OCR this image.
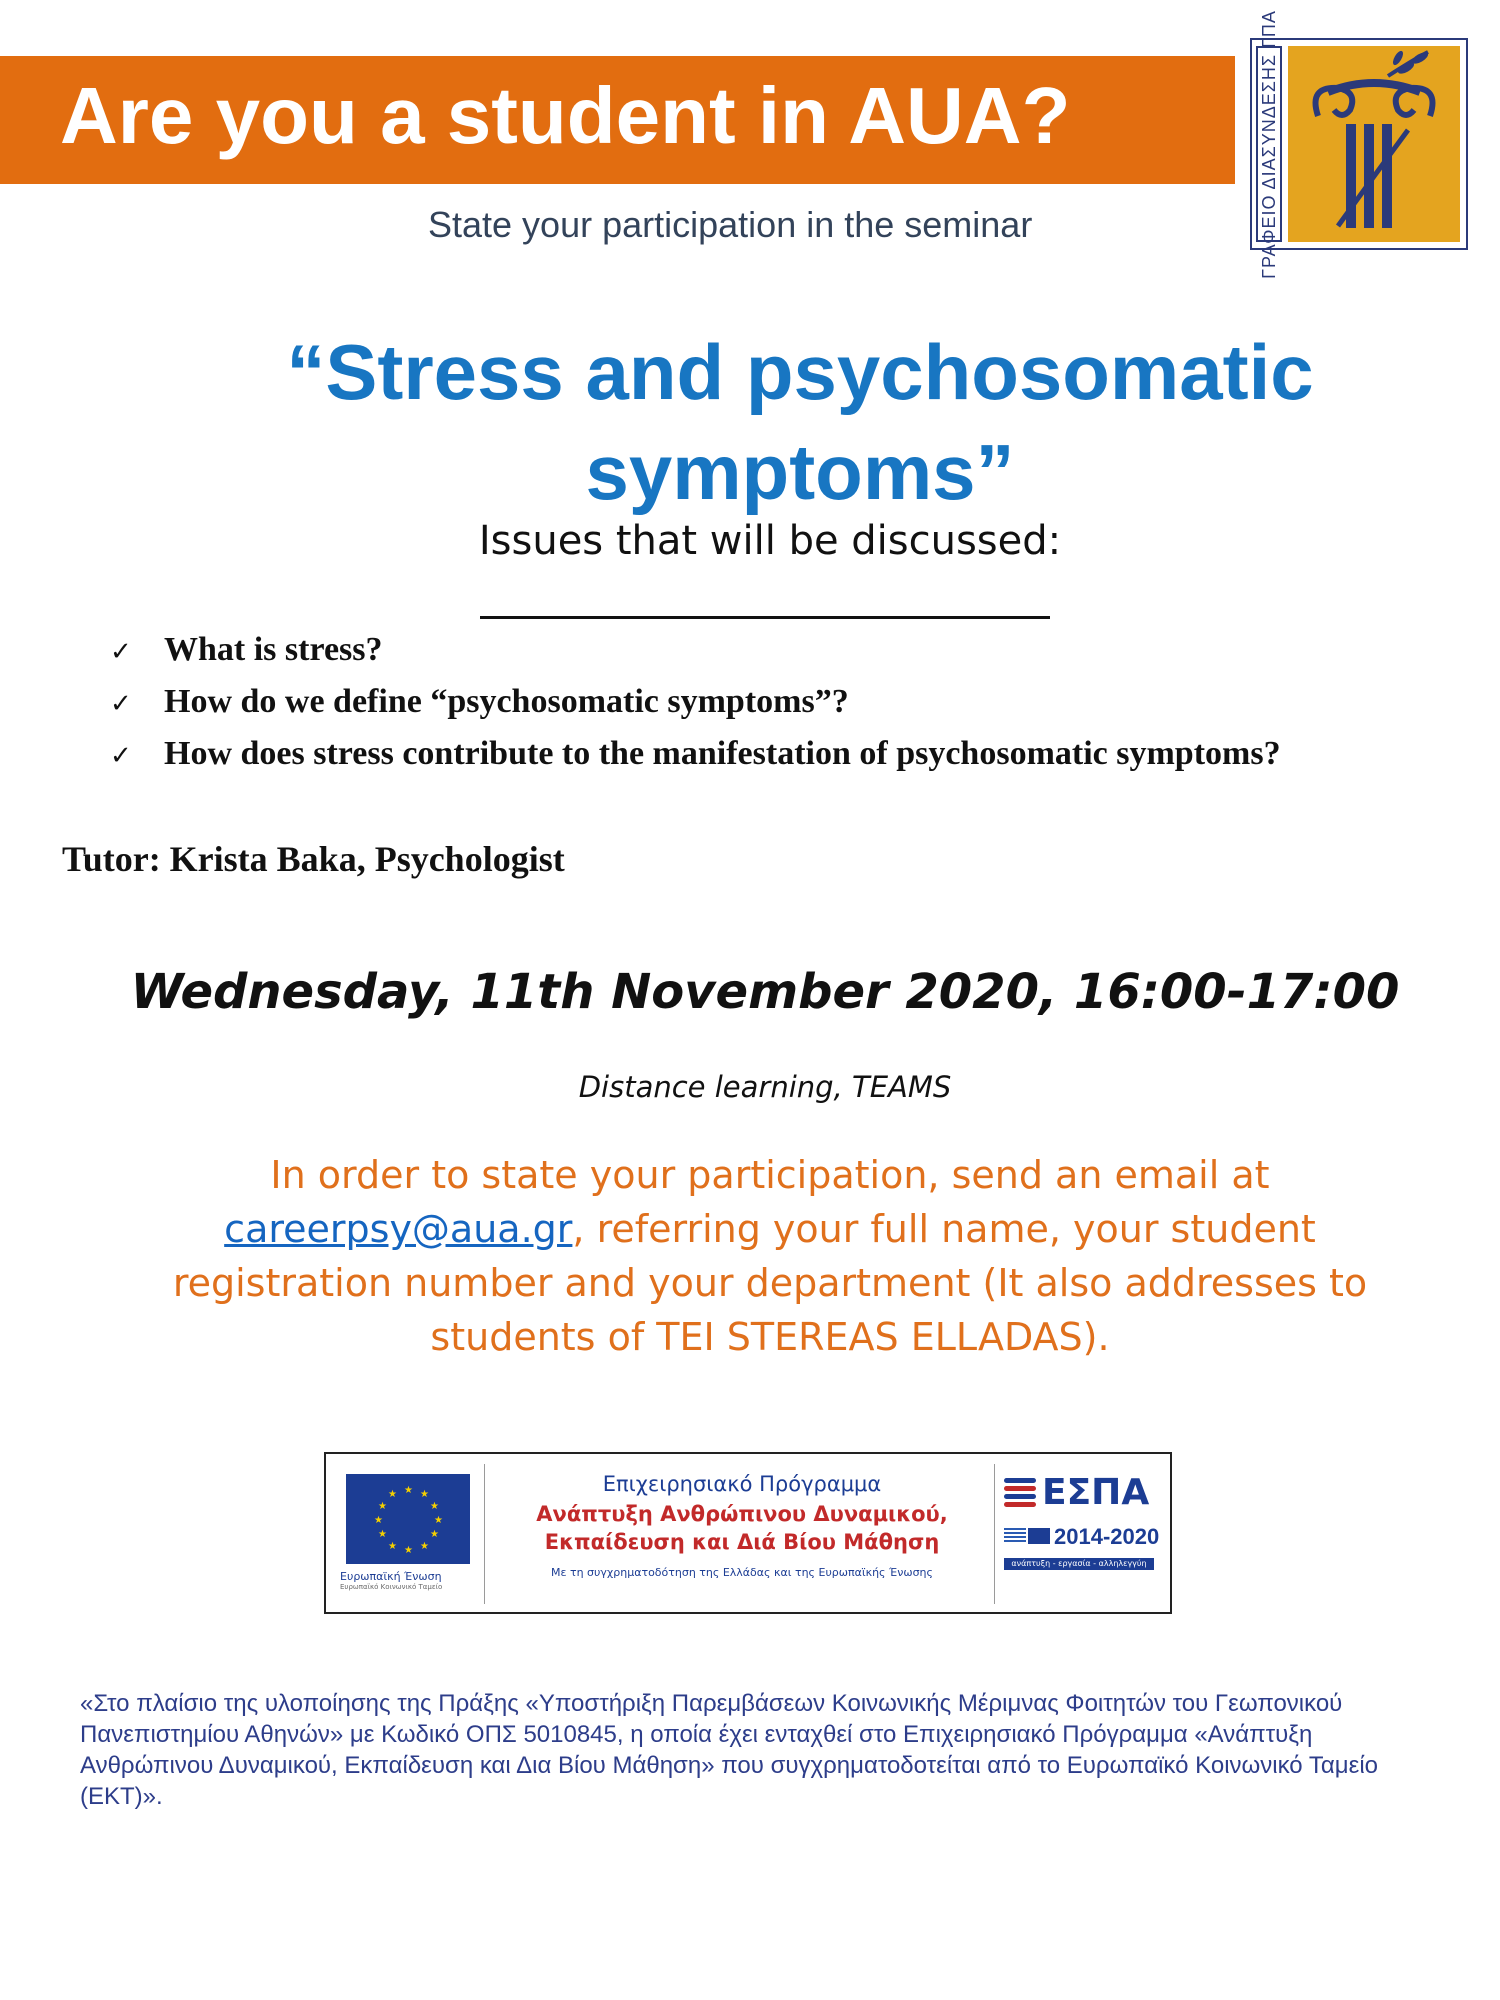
Are you a student in AUA?	ΓΡΑΦΕΙΟ ΔΙΑΣΥΝΔΕΣΗΣ ΓΠΑ

State your participation in the seminar

“Stress and psychosomatic
symptoms”

Issues that will be discussed:

✓ What is stress?
✓ How do we define “psychosomatic symptoms”?
✓ How does stress contribute to the manifestation of psychosomatic symptoms?

Tutor: Krista Baka, Psychologist

Wednesday, 11th November 2020, 16:00-17:00

Distance learning, TEAMS

In order to state your participation, send an email at careerpsy@aua.gr, referring your full name, your student registration number and your department (It also addresses to students of TEI STEREAS ELLADAS).

★ ★
★
★
★
★
★
★
★
★
★
★
Ευρωπαϊκή Ένωση
Ευρωπαϊκό Κοινωνικό Ταμείο
Επιχειρησιακό Πρόγραμμα
Ανάπτυξη Ανθρώπινου Δυναμικού,
Εκπαίδευση και Διά Βίου Μάθηση
Με τη συγχρηματοδότηση της Ελλάδας και της Ευρωπαϊκής Ένωσης
ΕΣΠΑ
2014-2020
ανάπτυξη - εργασία - αλληλεγγύη

«Στο πλαίσιο της υλοποίησης της Πράξης «Υποστήριξη Παρεμβάσεων Κοινωνικής Μέριμνας Φοιτητών του Γεωπονικού Πανεπιστημίου Αθηνών» με Κωδικό ΟΠΣ 5010845, η οποία έχει ενταχθεί στο Επιχειρησιακό Πρόγραμμα «Ανάπτυξη Ανθρώπινου Δυναμικού, Εκπαίδευση και Δια Βίου Μάθηση» που συγχρηματοδοτείται από το Ευρωπαϊκό Κοινωνικό Ταμείο (ΕΚΤ)».
